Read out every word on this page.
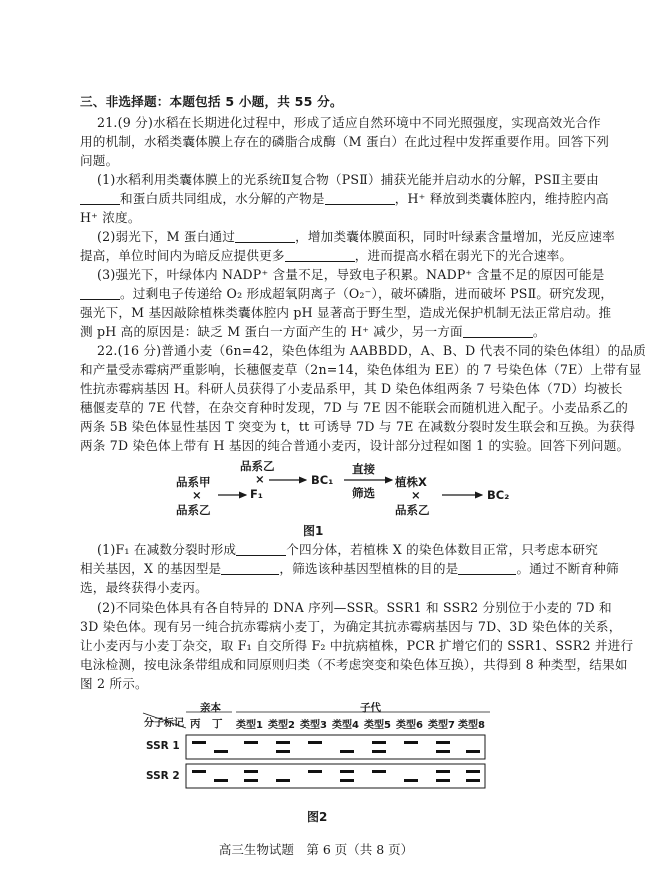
三、非选择题：本题包括 5 小题，共 55 分。
21.(9 分)水稻在长期进化过程中，形成了适应自然环境中不同光照强度，实现高效光合作
用的机制，水稻类囊体膜上存在的磷脂合成酶（M 蛋白）在此过程中发挥重要作用。回答下列
问题。
(1)水稻利用类囊体膜上的光系统Ⅱ复合物（PSⅡ）捕获光能并启动水的分解，PSⅡ主要由
和蛋白质共同组成，水分解的产物是	，H⁺ 释放到类囊体腔内，维持腔内高
H⁺ 浓度。
(2)弱光下，M 蛋白通过	，增加类囊体膜面积，同时叶绿素含量增加，光反应速率
提高，单位时间内为暗反应提供更多	，进而提高水稻在弱光下的光合速率。
(3)强光下，叶绿体内 NADP⁺ 含量不足，导致电子积累。NADP⁺ 含量不足的原因可能是
。过剩电子传递给 O₂ 形成超氧阴离子（O₂⁻），破坏磷脂，进而破坏 PSⅡ。研究发现，
强光下，M 基因敲除植株类囊体腔内 pH 显著高于野生型，造成光保护机制无法正常启动。推
测 pH 高的原因是：缺乏 M 蛋白一方面产生的 H⁺ 减少，另一方面	。
22.(16 分)普通小麦（6n=42，染色体组为 AABBDD，A、B、D 代表不同的染色体组）的品质
和产量受赤霉病严重影响，长穗偃麦草（2n=14，染色体组为 EE）的 7 号染色体（7E）上带有显
性抗赤霉病基因 H。科研人员获得了小麦品系甲，其 D 染色体组两条 7 号染色体（7D）均被长
穗偃麦草的 7E 代替，在杂交育种时发现，7D 与 7E 因不能联会而随机进入配子。小麦品系乙的
两条 5B 染色体显性基因 T 突变为 t，tt 可诱导 7D 与 7E 在减数分裂时发生联会和互换。为获得
两条 7D 染色体上带有 H 基因的纯合普通小麦丙，设计部分过程如图 1 的实验。回答下列问题。
品系甲
×
品系乙
品系乙
×
F₁
BC₁
直接
筛选
植株X
×
品系乙
BC₂
图1
(1)F₁ 在减数分裂时形成	个四分体，若植株 X 的染色体数目正常，只考虑本研究
相关基因，X 的基因型是	，筛选该种基因型植株的目的是	。通过不断育种筛
选，最终获得小麦丙。
(2)不同染色体具有各自特异的 DNA 序列—SSR。SSR1 和 SSR2 分别位于小麦的 7D 和
3D 染色体。现有另一纯合抗赤霉病小麦丁，为确定其抗赤霉病基因与 7D、3D 染色体的关系，
让小麦丙与小麦丁杂交，取 F₁ 自交所得 F₂ 中抗病植株，PCR 扩增它们的 SSR1、SSR2 并进行
电泳检测，按电泳条带组成和同原则归类（不考虑突变和染色体互换），共得到 8 种类型，结果如
图 2 所示。
亲本	子代
分子标记 丙 丁 类型1 类型2 类型3 类型4 类型5 类型6 类型7 类型8
SSR 1
SSR 2
图2
高三生物试题　第 6 页（共 8 页）
